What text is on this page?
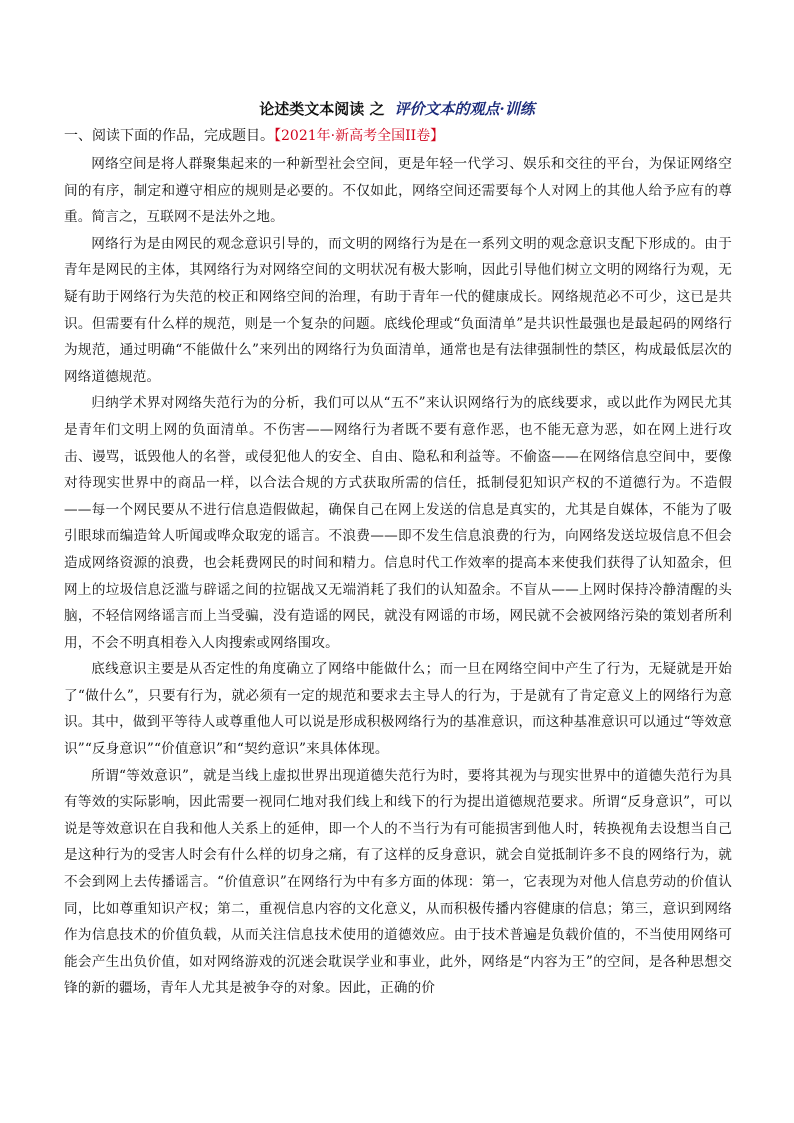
论述类文本阅读 之 评价文本的观点·训练
一、阅读下面的作品，完成题目。【2021年·新高考全国II卷】

网络空间是将人群聚集起来的一种新型社会空间，更是年轻一代学习、娱乐和交往的平台，为保证网络空间的有序，制定和遵守相应的规则是必要的。不仅如此，网络空间还需要每个人对网上的其他人给予应有的尊重。简言之，互联网不是法外之地。

网络行为是由网民的观念意识引导的，而文明的网络行为是在一系列文明的观念意识支配下形成的。由于青年是网民的主体，其网络行为对网络空间的文明状况有极大影响，因此引导他们树立文明的网络行为观，无疑有助于网络行为失范的校正和网络空间的治理，有助于青年一代的健康成长。网络规范必不可少，这已是共识。但需要有什么样的规范，则是一个复杂的问题。底线伦理或“负面清单”是共识性最强也是最起码的网络行为规范，通过明确“不能做什么”来列出的网络行为负面清单，通常也是有法律强制性的禁区，构成最低层次的网络道德规范。

归纳学术界对网络失范行为的分析，我们可以从“五不”来认识网络行为的底线要求，或以此作为网民尤其是青年们文明上网的负面清单。不伤害——网络行为者既不要有意作恶，也不能无意为恶，如在网上进行攻击、谩骂，诋毁他人的名誉，或侵犯他人的安全、自由、隐私和利益等。不偷盗——在网络信息空间中，要像对待现实世界中的商品一样，以合法合规的方式获取所需的信任，抵制侵犯知识产权的不道德行为。不造假——每一个网民要从不进行信息造假做起，确保自己在网上发送的信息是真实的，尤其是自媒体，不能为了吸引眼球而编造耸人听闻或哗众取宠的谣言。不浪费——即不发生信息浪费的行为，向网络发送垃圾信息不但会造成网络资源的浪费，也会耗费网民的时间和精力。信息时代工作效率的提高本来使我们获得了认知盈余，但网上的垃圾信息泛滥与辟谣之间的拉锯战又无端消耗了我们的认知盈余。不盲从——上网时保持冷静清醒的头脑，不轻信网络谣言而上当受骗，没有造谣的网民，就没有网谣的市场，网民就不会被网络污染的策划者所利用，不会不明真相卷入人肉搜索或网络围攻。

底线意识主要是从否定性的角度确立了网络中能做什么；而一旦在网络空间中产生了行为，无疑就是开始了“做什么”，只要有行为，就必须有一定的规范和要求去主导人的行为，于是就有了肯定意义上的网络行为意识。其中，做到平等待人或尊重他人可以说是形成积极网络行为的基准意识，而这种基准意识可以通过“等效意识”“反身意识”“价值意识”和“契约意识”来具体体现。

所谓“等效意识”，就是当线上虚拟世界出现道德失范行为时，要将其视为与现实世界中的道德失范行为具有等效的实际影响，因此需要一视同仁地对我们线上和线下的行为提出道德规范要求。所谓“反身意识”，可以说是等效意识在自我和他人关系上的延伸，即一个人的不当行为有可能损害到他人时，转换视角去设想当自己是这种行为的受害人时会有什么样的切身之痛，有了这样的反身意识，就会自觉抵制许多不良的网络行为，就不会到网上去传播谣言。“价值意识”在网络行为中有多方面的体现：第一，它表现为对他人信息劳动的价值认同，比如尊重知识产权；第二，重视信息内容的文化意义，从而积极传播内容健康的信息；第三，意识到网络作为信息技术的价值负载，从而关注信息技术使用的道德效应。由于技术普遍是负载价值的，不当使用网络可能会产生出负价值，如对网络游戏的沉迷会耽误学业和事业，此外，网络是“内容为王”的空间，是各种思想交锋的新的疆场，青年人尤其是被争夺的对象。因此，正确的价
